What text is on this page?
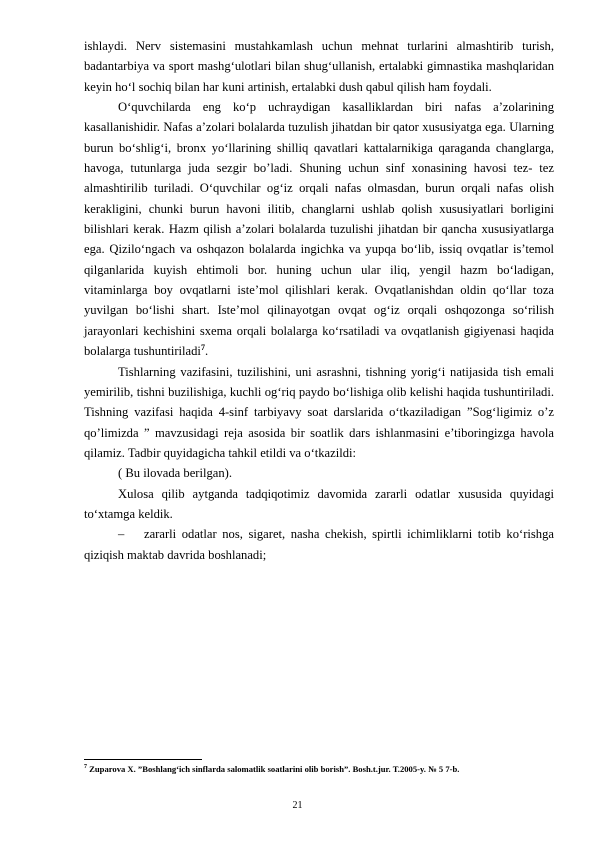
ishlaydi. Nerv sistemasini mustahkamlash uchun mehnat turlarini almashtirib turish, badantarbiya va sport mashg‘ulotlari bilan shug‘ullanish, ertalabki gimnastika mashqlaridan keyin ho‘l sochiq bilan har kuni artinish, ertalabki dush qabul qilish ham foydali.

O‘quvchilarda eng ko‘p uchraydigan kasalliklardan biri nafas a’zolarining kasallanishidir. Nafas a’zolari bolalarda tuzulish jihatdan bir qator xususiyatga ega. Ularning burun bo‘shlig‘i, bronx yo‘llarining shilliq qavatlari kattalarnikiga qaraganda changlarga, havoga, tutunlarga juda sezgir bo’ladi. Shuning uchun sinf xonasining havosi tez- tez almashtirilib turiladi. O‘quvchilar og‘iz orqali nafas olmasdan, burun orqali nafas olish kerakligini, chunki burun havoni ilitib, changlarni ushlab qolish xususiyatlari borligini bilishlari kerak. Hazm qilish a’zolari bolalarda tuzulishi jihatdan bir qancha xususiyatlarga ega. Qizilo‘ngach va oshqazon bolalarda ingichka va yupqa bo‘lib, issiq ovqatlar is’temol qilganlarida kuyish ehtimoli bor. huning uchun ular iliq, yengil hazm bo‘ladigan, vitaminlarga boy ovqatlarni iste’mol qilishlari kerak. Ovqatlanishdan oldin qo‘llar toza yuvilgan bo‘lishi shart. Iste’mol qilinayotgan ovqat og‘iz orqali oshqozonga so‘rilish jarayonlari kechishini sxema orqali bolalarga ko‘rsatiladi va ovqatlanish gigiyenasi haqida bolalarga tushuntiriladi$^7$.

Tishlarning vazifasini, tuzilishini, uni asrashni, tishning yorig‘i natijasida tish emali yemirilib, tishni buzilishiga, kuchli og‘riq paydo bo‘lishiga olib kelishi haqida tushuntiriladi. Tishning vazifasi haqida 4-sinf tarbiyavy soat darslarida o‘tkaziladigan ”Sog‘ligimiz o’z qo’limizda ” mavzusidagi reja asosida bir soatlik dars ishlanmasini e’tiboringizga havola qilamiz. Tadbir quyidagicha tahkil etildi va o‘tkazildi:

( Bu ilovada berilgan).

Xulosa qilib aytganda tadqiqotimiz davomida zararli odatlar xususida quyidagi to‘xtamga keldik.

– zararli odatlar nos, sigaret, nasha chekish, spirtli ichimliklarni totib ko‘rishga qiziqish maktab davrida boshlanadi;

$^7$ Zuparova X. ”Boshlang‘ich sinflarda salomatlik soatlarini olib borish”. Bosh.t.jur. T.2005-y. № 5 7-b.
21
